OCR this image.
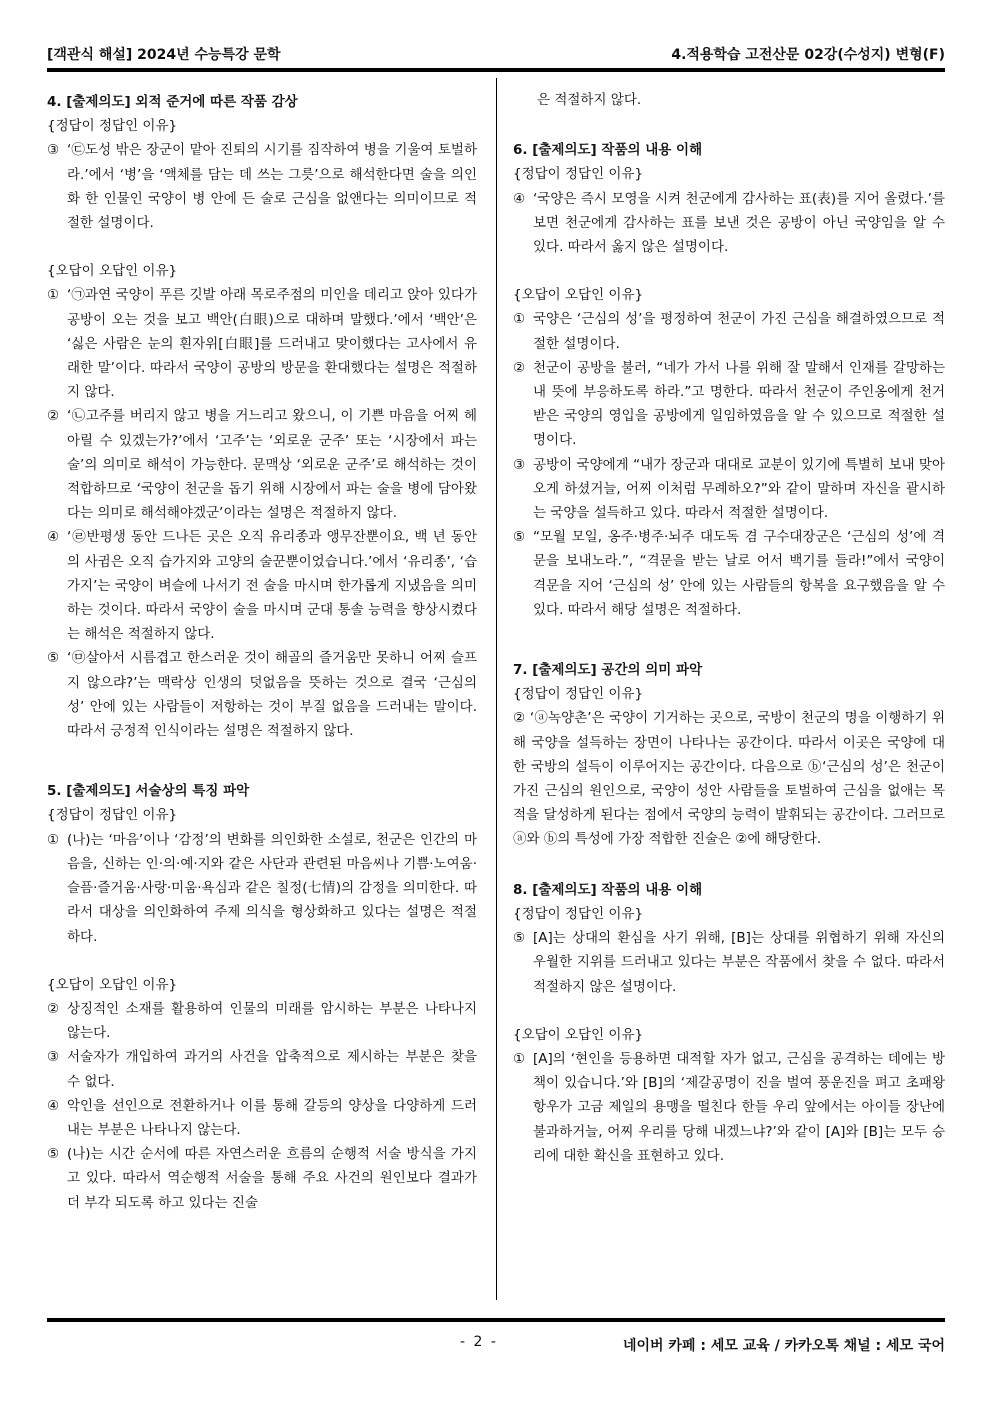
[객관식 해설] 2024년 수능특강 문학	4.적용학습 고전산문 02강(수성지) 변형(F)
4. [출제의도] 외적 준거에 따른 작품 감상
{정답이 정답인 이유}
③ ‘㉢도성 밖은 장군이 맡아 진퇴의 시기를 짐작하여 병을 기울여 토벌하라.’에서 ‘병’을 ‘액체를 담는 데 쓰는 그릇’으로 해석한다면 술을 의인화 한 인물인 국양이 병 안에 든 술로 근심을 없앤다는 의미이므로 적절한 설명이다.
{오답이 오답인 이유}
① ‘㉠과연 국양이 푸른 깃발 아래 목로주점의 미인을 데리고 앉아 있다가 공방이 오는 것을 보고 백안(白眼)으로 대하며 말했다.’에서 ‘백안’은 ‘싫은 사람은 눈의 흰자위[白眼]를 드러내고 맞이했다는 고사에서 유래한 말’이다. 따라서 국양이 공방의 방문을 환대했다는 설명은 적절하지 않다.
② ‘㉡고주를 버리지 않고 병을 거느리고 왔으니, 이 기쁜 마음을 어찌 헤아릴 수 있겠는가?’에서 ‘고주’는 ‘외로운 군주’ 또는 ‘시장에서 파는 술’의 의미로 해석이 가능한다. 문맥상 ‘외로운 군주’로 해석하는 것이 적합하므로 ‘국양이 천군을 돕기 위해 시장에서 파는 술을 병에 담아왔다는 의미로 해석해야겠군’이라는 설명은 적절하지 않다.
④ ‘㉣반평생 동안 드나든 곳은 오직 유리종과 앵무잔뿐이요, 백 년 동안의 사귐은 오직 습가지와 고양의 술꾼뿐이었습니다.’에서 ‘유리종’, ‘습가지’는 국양이 벼슬에 나서기 전 술을 마시며 한가롭게 지냈음을 의미하는 것이다. 따라서 국양이 술을 마시며 군대 통솔 능력을 향상시켰다는 해석은 적절하지 않다.
⑤ ‘㉤살아서 시름겹고 한스러운 것이 해골의 즐거움만 못하니 어찌 슬프지 않으랴?’는 맥락상 인생의 덧없음을 뜻하는 것으로 결국 ‘근심의 성’ 안에 있는 사람들이 저항하는 것이 부질 없음을 드러내는 말이다. 따라서 긍정적 인식이라는 설명은 적절하지 않다.
5. [출제의도] 서술상의 특징 파악
{정답이 정답인 이유}
① (나)는 ‘마음’이나 ‘감정’의 변화를 의인화한 소설로, 천군은 인간의 마음을, 신하는 인·의·예·지와 같은 사단과 관련된 마음씨나 기쁨·노여움·슬픔·즐거움·사랑·미움·욕심과 같은 칠정(七情)의 감정을 의미한다. 따라서 대상을 의인화하여 주제 의식을 형상화하고 있다는 설명은 적절하다.
{오답이 오답인 이유}
② 상징적인 소재를 활용하여 인물의 미래를 암시하는 부분은 나타나지 않는다.
③ 서술자가 개입하여 과거의 사건을 압축적으로 제시하는 부분은 찾을 수 없다.
④ 악인을 선인으로 전환하거나 이를 통해 갈등의 양상을 다양하게 드러내는 부분은 나타나지 않는다.
⑤ (나)는 시간 순서에 따른 자연스러운 흐름의 순행적 서술 방식을 가지고 있다. 따라서 역순행적 서술을 통해 주요 사건의 원인보다 결과가 더 부각 되도록 하고 있다는 진술
은 적절하지 않다.
6. [출제의도] 작품의 내용 이해
{정답이 정답인 이유}
④ ‘국양은 즉시 모영을 시켜 천군에게 감사하는 표(表)를 지어 올렸다.’를 보면 천군에게 감사하는 표를 보낸 것은 공방이 아닌 국양임을 알 수 있다. 따라서 옳지 않은 설명이다.
{오답이 오답인 이유}
① 국양은 ‘근심의 성’을 평정하여 천군이 가진 근심을 해결하였으므로 적절한 설명이다.
② 천군이 공방을 불러, “네가 가서 나를 위해 잘 말해서 인재를 갈망하는 내 뜻에 부응하도록 하라.”고 명한다. 따라서 천군이 주인옹에게 천거 받은 국양의 영입을 공방에게 일임하였음을 알 수 있으므로 적절한 설명이다.
③ 공방이 국양에게 “내가 장군과 대대로 교분이 있기에 특별히 보내 맞아 오게 하셨거늘, 어찌 이처럼 무례하오?”와 같이 말하며 자신을 괄시하는 국양을 설득하고 있다. 따라서 적절한 설명이다.
⑤ “모월 모일, 옹주·병주·뇌주 대도독 겸 구수대장군은 ‘근심의 성’에 격문을 보내노라.”, “격문을 받는 날로 어서 백기를 들라!”에서 국양이 격문을 지어 ‘근심의 성’ 안에 있는 사람들의 항복을 요구했음을 알 수 있다. 따라서 해당 설명은 적절하다.
7. [출제의도] 공간의 의미 파악
{정답이 정답인 이유}
② ‘ⓐ녹양촌’은 국양이 기거하는 곳으로, 국방이 천군의 명을 이행하기 위해 국양을 설득하는 장면이 나타나는 공간이다. 따라서 이곳은 국양에 대한 국방의 설득이 이루어지는 공간이다. 다음으로 ⓑ‘근심의 성’은 천군이 가진 근심의 원인으로, 국양이 성안 사람들을 토벌하여 근심을 없애는 목적을 달성하게 된다는 점에서 국양의 능력이 발휘되는 공간이다. 그러므로 ⓐ와 ⓑ의 특성에 가장 적합한 진술은 ②에 해당한다.
8. [출제의도] 작품의 내용 이해
{정답이 정답인 이유}
⑤ [A]는 상대의 환심을 사기 위해, [B]는 상대를 위협하기 위해 자신의 우월한 지위를 드러내고 있다는 부분은 작품에서 찾을 수 없다. 따라서 적절하지 않은 설명이다.
{오답이 오답인 이유}
① [A]의 ‘현인을 등용하면 대적할 자가 없고, 근심을 공격하는 데에는 방책이 있습니다.’와 [B]의 ‘제갈공명이 진을 벌여 풍운진을 펴고 초패왕 항우가 고금 제일의 용맹을 떨친다 한들 우리 앞에서는 아이들 장난에 불과하거늘, 어찌 우리를 당해 내겠느냐?’와 같이 [A]와 [B]는 모두 승리에 대한 확신을 표현하고 있다.
- 2 -	네이버 카페 : 세모 교육 / 카카오톡 채널 : 세모 국어
